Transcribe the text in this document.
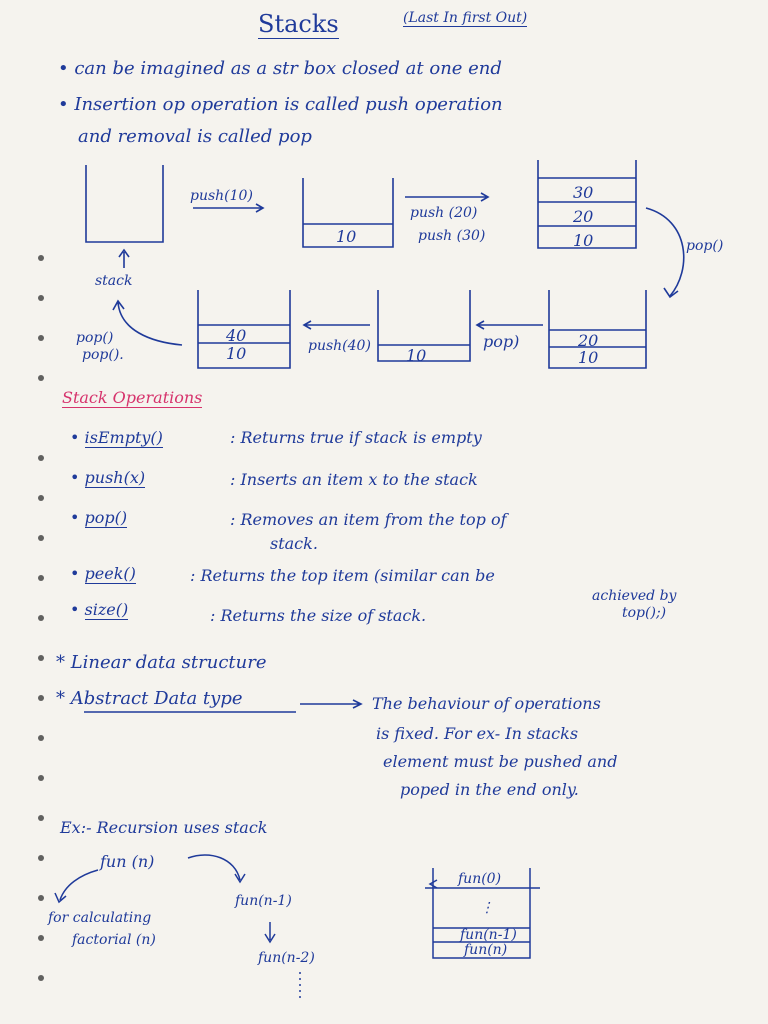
Stacks	(Last In first Out)
• can be imagined as a str box closed at one end
• Insertion op operation is called push operation
and removal is called pop
stack
push(10)
10
push (20)
push (30)
30
20
10	pop()
20
10
pop)
10
push(40)
40
10
pop()
pop().
Stack Operations
• isEmpty()	: Returns true if stack is empty
• push(x)	: Inserts an item x to the stack
• pop()	: Removes an item from the top of
stack.
• peek()	: Returns the top item (similar can be
achieved by
• size()	: Returns the size of stack.	top();)
* Linear data structure
* Abstract Data type	The behaviour of operations
is fixed. For ex- In stacks
element must be pushed and
poped in the end only.
Ex:- Recursion uses stack
fun (n)
fun(n-1)
fun(n-2)
for calculating
factorial (n)
fun(0)
⋮
fun(n-1)
fun(n)
